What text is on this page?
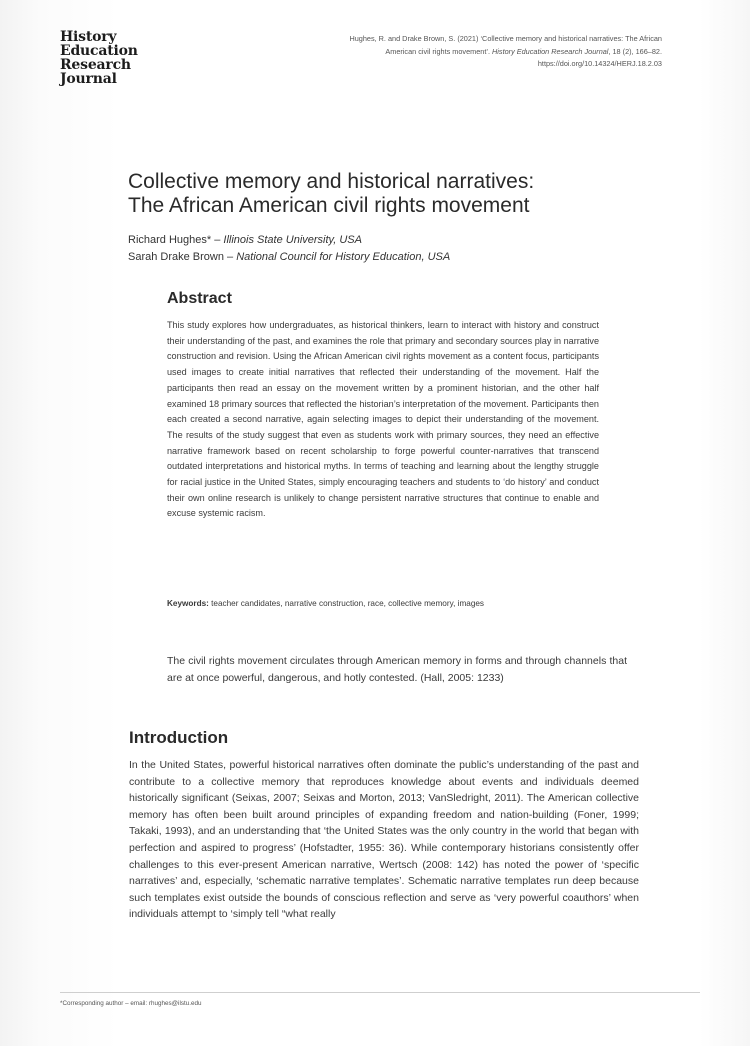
History
Education
Research
Journal
Hughes, R. and Drake Brown, S. (2021) ‘Collective memory and historical narratives: The African American civil rights movement’. History Education Research Journal, 18 (2), 166–82. https://doi.org/10.14324/HERJ.18.2.03
Collective memory and historical narratives:
The African American civil rights movement
Richard Hughes* – Illinois State University, USA
Sarah Drake Brown – National Council for History Education, USA
Abstract
This study explores how undergraduates, as historical thinkers, learn to interact with history and construct their understanding of the past, and examines the role that primary and secondary sources play in narrative construction and revision. Using the African American civil rights movement as a content focus, participants used images to create initial narratives that reflected their understanding of the movement. Half the participants then read an essay on the movement written by a prominent historian, and the other half examined 18 primary sources that reflected the historian’s interpretation of the movement. Participants then each created a second narrative, again selecting images to depict their understanding of the movement. The results of the study suggest that even as students work with primary sources, they need an effective narrative framework based on recent scholarship to forge powerful counter-narratives that transcend outdated interpretations and historical myths. In terms of teaching and learning about the lengthy struggle for racial justice in the United States, simply encouraging teachers and students to ‘do history’ and conduct their own online research is unlikely to change persistent narrative structures that continue to enable and excuse systemic racism.
Keywords: teacher candidates, narrative construction, race, collective memory, images
The civil rights movement circulates through American memory in forms and through channels that are at once powerful, dangerous, and hotly contested. (Hall, 2005: 1233)
Introduction
In the United States, powerful historical narratives often dominate the public’s understanding of the past and contribute to a collective memory that reproduces knowledge about events and individuals deemed historically significant (Seixas, 2007; Seixas and Morton, 2013; VanSledright, 2011). The American collective memory has often been built around principles of expanding freedom and nation-building (Foner, 1999; Takaki, 1993), and an understanding that ‘the United States was the only country in the world that began with perfection and aspired to progress’ (Hofstadter, 1955: 36). While contemporary historians consistently offer challenges to this ever-present American narrative, Wertsch (2008: 142) has noted the power of ‘specific narratives’ and, especially, ‘schematic narrative templates’. Schematic narrative templates run deep because such templates exist outside the bounds of conscious reflection and serve as ‘very powerful coauthors’ when individuals attempt to ‘simply tell “what really
*Corresponding author – email: rhughes@ilstu.edu
